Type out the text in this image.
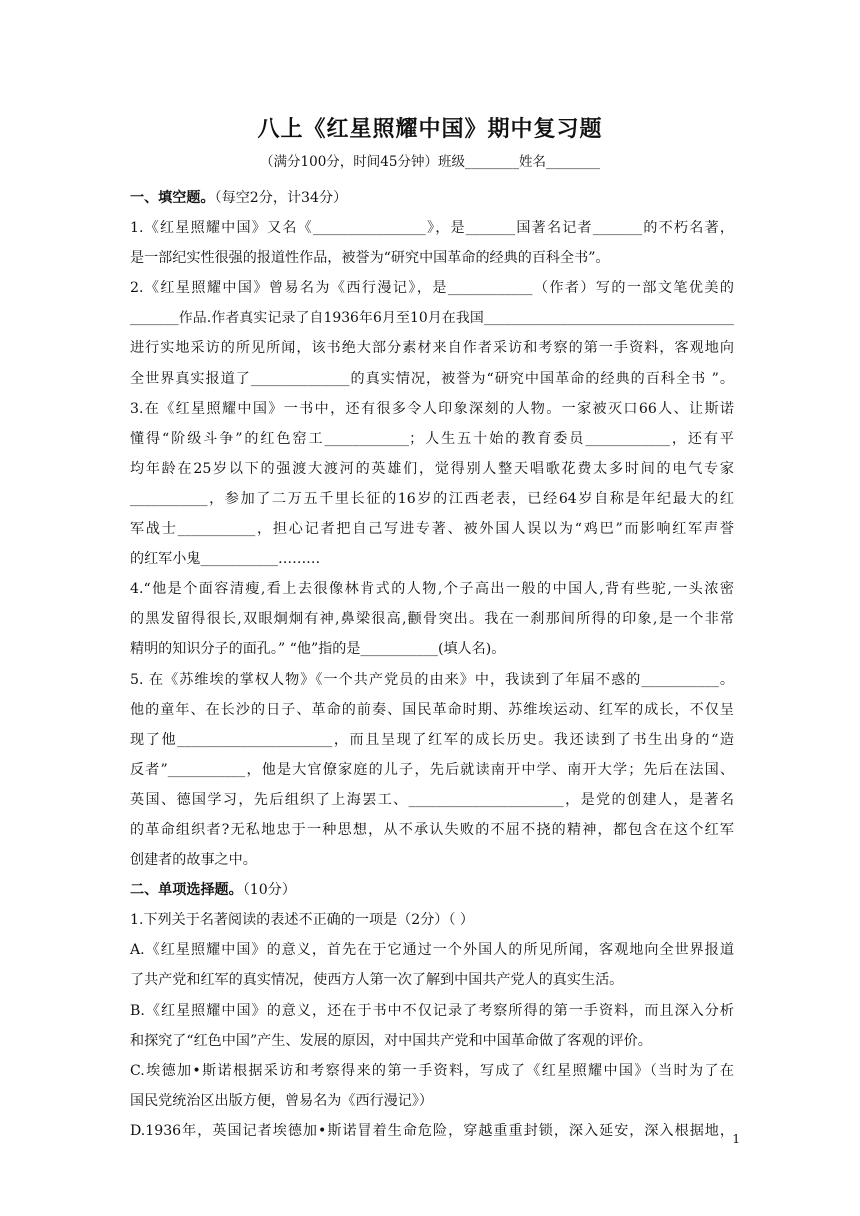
八上《红星照耀中国》期中复习题
（满分100分，时间45分钟）班级________姓名________
一、填空题。（每空2分，计34分）
1.《红星照耀中国》又名《________________》，是_______国著名记者_______的不朽名著，
是一部纪实性很强的报道性作品，被誉为“研究中国革命的经典的百科全书”。
2.《红星照耀中国》曾易名为《西行漫记》，是____________（作者）写的一部文笔优美的
_______作品.作者真实记录了自1936年6月至10月在我国____________________________________
进行实地采访的所见所闻，该书绝大部分素材来自作者采访和考察的第一手资料，客观地向
全世界真实报道了______________的真实情况，被誉为“研究中国革命的经典的百科全书 ”。
3.在《红星照耀中国》一书中，还有很多令人印象深刻的人物。一家被灭口66人、让斯诺
懂得“阶级斗争”的红色窑工____________；人生五十始的教育委员____________，还有平
均年龄在25岁以下的强渡大渡河的英雄们，觉得别人整天唱歌花费太多时间的电气专家
___________，参加了二万五千里长征的16岁的江西老表，已经64岁自称是年纪最大的红
军战士___________，担心记者把自己写进专著、被外国人误以为“鸡巴”而影响红军声誉
的红军小鬼___________………
4.“他是个面容清瘦,看上去很像林肯式的人物,个子高出一般的中国人,背有些驼,一头浓密
的黑发留得很长,双眼炯炯有神,鼻梁很高,颧骨突出。我在一刹那间所得的印象,是一个非常
精明的知识分子的面孔。” “他”指的是___________(填人名)。
5. 在《苏维埃的掌权人物》《一个共产党员的由来》中，我读到了年届不惑的___________。
他的童年、在长沙的日子、革命的前奏、国民革命时期、苏维埃运动、红军的成长，不仅呈
现了他______________________，而且呈现了红军的成长历史。我还读到了书生出身的“造
反者”___________，他是大官僚家庭的儿子，先后就读南开中学、南开大学；先后在法国、
英国、德国学习，先后组织了上海罢工、______________________，是党的创建人，是著名
的革命组织者?无私地忠于一种思想，从不承认失败的不屈不挠的精神，都包含在这个红军
创建者的故事之中。
二、单项选择题。（10分）
1.下列关于名著阅读的表述不正确的一项是（2分）（ ）
A.《红星照耀中国》的意义，首先在于它通过一个外国人的所见所闻，客观地向全世界报道
了共产党和红军的真实情况，使西方人第一次了解到中国共产党人的真实生活。
B.《红星照耀中国》的意义，还在于书中不仅记录了考察所得的第一手资料，而且深入分析
和探究了“红色中国”产生、发展的原因，对中国共产党和中国革命做了客观的评价。
C.埃德加•斯诺根据采访和考察得来的第一手资料，写成了《红星照耀中国》（当时为了在
国民党统治区出版方便，曾易名为《西行漫记》）
D.1936年，英国记者埃德加•斯诺冒着生命危险，穿越重重封锁，深入延安，深入根据地，
1
